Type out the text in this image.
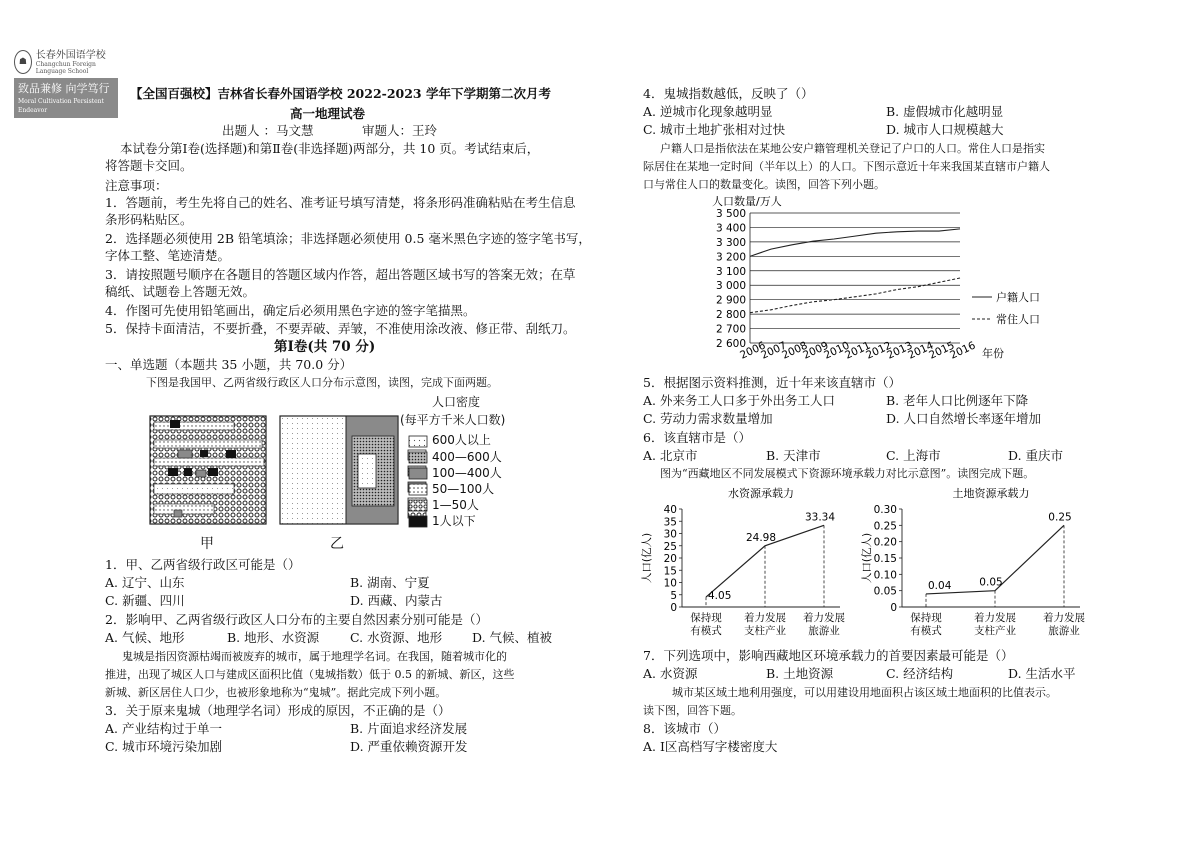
☗
长春外国语学校
Changchun Foreign Language School
致品兼修 向学笃行
Moral Cultivation Persistent Endeavor
【全国百强校】吉林省长春外国语学校 2022-2023 学年下学期第二次月考
高一地理试卷
出题人 ：马文慧	审题人：王玲
本试卷分第Ⅰ卷(选择题)和第Ⅱ卷(非选择题)两部分，共 10 页。考试结束后，
将答题卡交回。
注意事项：
1．答题前，考生先将自己的姓名、准考证号填写清楚，将条形码准确粘贴在考生信息
条形码粘贴区。
2．选择题必须使用 2B 铅笔填涂；非选择题必须使用 0.5 毫米黑色字迹的签字笔书写，
字体工整、笔迹清楚。
3．请按照题号顺序在各题目的答题区域内作答，超出答题区域书写的答案无效；在草
稿纸、试题卷上答题无效。
4．作图可先使用铅笔画出，确定后必须用黑色字迹的签字笔描黑。
5．保持卡面清洁，不要折叠，不要弄破、弄皱，不准使用涂改液、修正带、刮纸刀。
第Ⅰ卷(共 70 分)
一、单选题（本题共 35 小题，共 70.0 分）
下图是我国甲、乙两省级行政区人口分布示意图，读图，完成下面两题。
人口密度
(每平方千米人口数)
600人以上
400—600人
100—400人
50—100人
1—50人
1人以下
甲	乙
1．甲、乙两省级行政区可能是（）
A. 辽宁、山东	B. 湖南、宁夏
C. 新疆、四川	D. 西藏、内蒙古
2．影响甲、乙两省级行政区人口分布的主要自然因素分别可能是（）
A. 气候、地形	B. 地形、水资源 C. 水资源、地形 D. 气候、植被
鬼城是指因资源枯竭而被废弃的城市，属于地理学名词。在我国，随着城市化的
推进，出现了城区人口与建成区面积比值（鬼城指数）低于 0.5 的新城、新区，这些
新城、新区居住人口少，也被形象地称为“鬼城”。据此完成下列小题。
3．关于原来鬼城（地理学名词）形成的原因，不正确的是（）
A. 产业结构过于单一	B. 片面追求经济发展
C. 城市环境污染加剧	D. 严重依赖资源开发
4．鬼城指数越低，反映了（）
A. 逆城市化现象越明显	B. 虚假城市化越明显
C. 城市土地扩张相对过快	D. 城市人口规模越大
户籍人口是指依法在某地公安户籍管理机关登记了户口的人口。常住人口是指实
际居住在某地一定时间（半年以上）的人口。下图示意近十年来我国某直辖市户籍人
口与常住人口的数量变化。读图，回答下列小题。
人口数量/万人
3 500
3 400
3 300
3 200
3 100
3 000
2 900
2 800
2 700
2 600
2006
2007
2008
2009
2010
2011
2012
2013
2014
2015
2016 年份
户籍人口
常住人口
5．根据图示资料推测，近十年来该直辖市（）
A. 外来务工人口多于外出务工人口	B. 老年人口比例逐年下降
C. 劳动力需求数量增加	D. 人口自然增长率逐年增加
6．该直辖市是（）
A. 北京市	B. 天津市	C. 上海市	D. 重庆市
图为“西藏地区不同发展模式下资源环境承载力对比示意图”。读图完成下题。
水资源承载力
人口(亿人)
40
35
30
25
20
15
10
5
0
4.05
保持现
有模式
24.98
着力发展
支柱产业
33.34
着力发展
旅游业
土地资源承载力
人口(亿人)
0.30
0.25
0.20
0.15
0.10
0.05
0
0.04
保持现
有模式
0.05
着力发展
支柱产业
0.25
着力发展
旅游业
7．下列选项中，影响西藏地区环境承载力的首要因素最可能是（）
A. 水资源	B. 土地资源	C. 经济结构	D. 生活水平
城市某区域土地利用强度，可以用建设用地面积占该区域土地面积的比值表示。
读下图，回答下题。
8．该城市（）
A. Ⅰ区高档写字楼密度大
